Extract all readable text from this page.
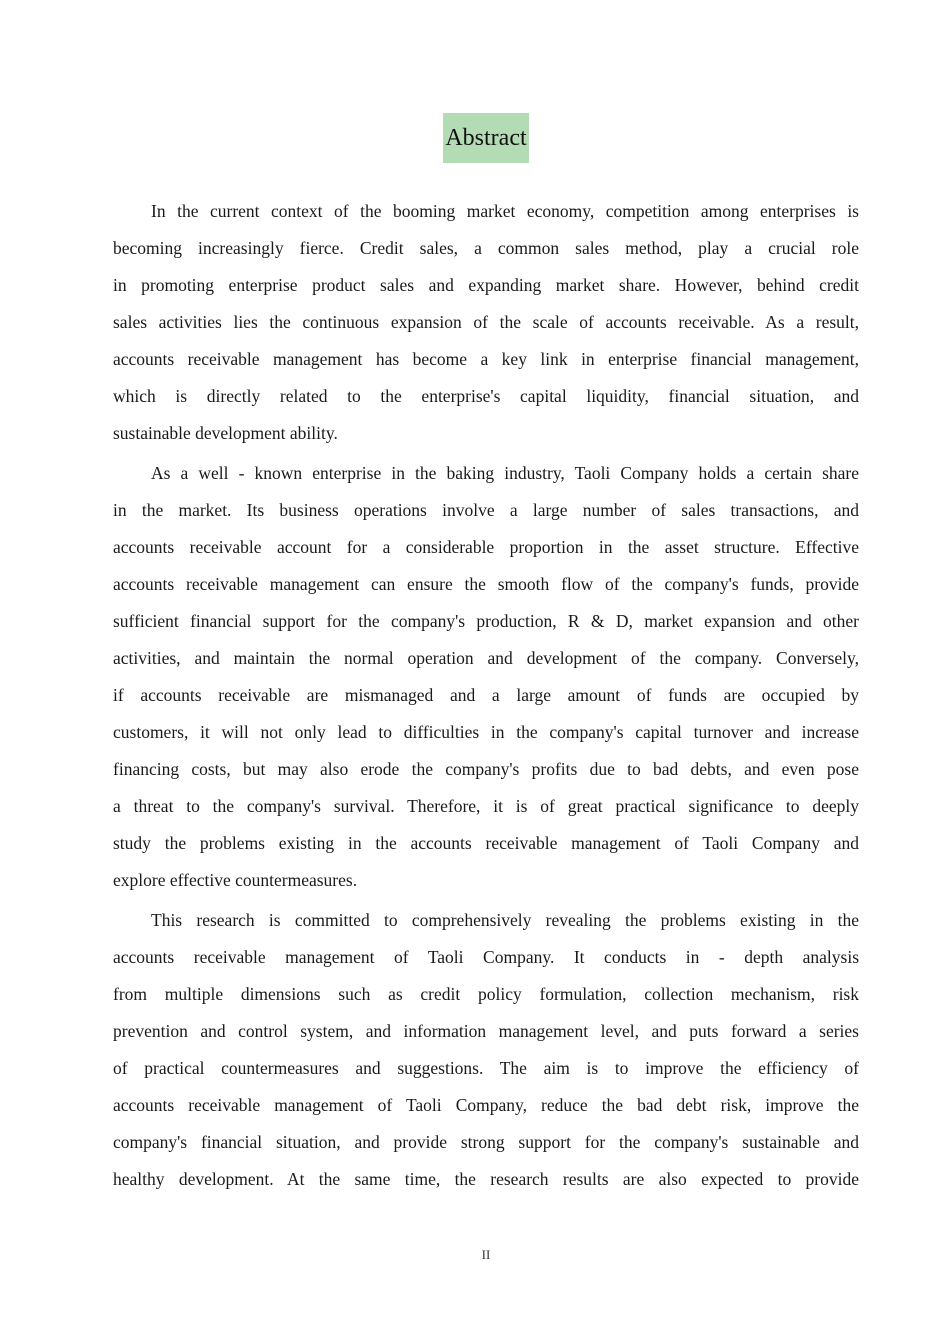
Abstract
In the current context of the booming market economy, competition among enterprises is
becoming increasingly fierce. Credit sales, a common sales method, play a crucial role
in promoting enterprise product sales and expanding market share. However, behind credit
sales activities lies the continuous expansion of the scale of accounts receivable. As a result,
accounts receivable management has become a key link in enterprise financial management,
which is directly related to the enterprise's capital liquidity, financial situation, and
sustainable development ability.
As a well - known enterprise in the baking industry, Taoli Company holds a certain share
in the market. Its business operations involve a large number of sales transactions, and
accounts receivable account for a considerable proportion in the asset structure. Effective
accounts receivable management can ensure the smooth flow of the company's funds, provide
sufficient financial support for the company's production, R & D, market expansion and other
activities, and maintain the normal operation and development of the company. Conversely,
if accounts receivable are mismanaged and a large amount of funds are occupied by
customers, it will not only lead to difficulties in the company's capital turnover and increase
financing costs, but may also erode the company's profits due to bad debts, and even pose
a threat to the company's survival. Therefore, it is of great practical significance to deeply
study the problems existing in the accounts receivable management of Taoli Company and
explore effective countermeasures.
This research is committed to comprehensively revealing the problems existing in the
accounts receivable management of Taoli Company. It conducts in - depth analysis
from multiple dimensions such as credit policy formulation, collection mechanism, risk
prevention and control system, and information management level, and puts forward a series
of practical countermeasures and suggestions. The aim is to improve the efficiency of
accounts receivable management of Taoli Company, reduce the bad debt risk, improve the
company's financial situation, and provide strong support for the company's sustainable and
healthy development. At the same time, the research results are also expected to provide
II
